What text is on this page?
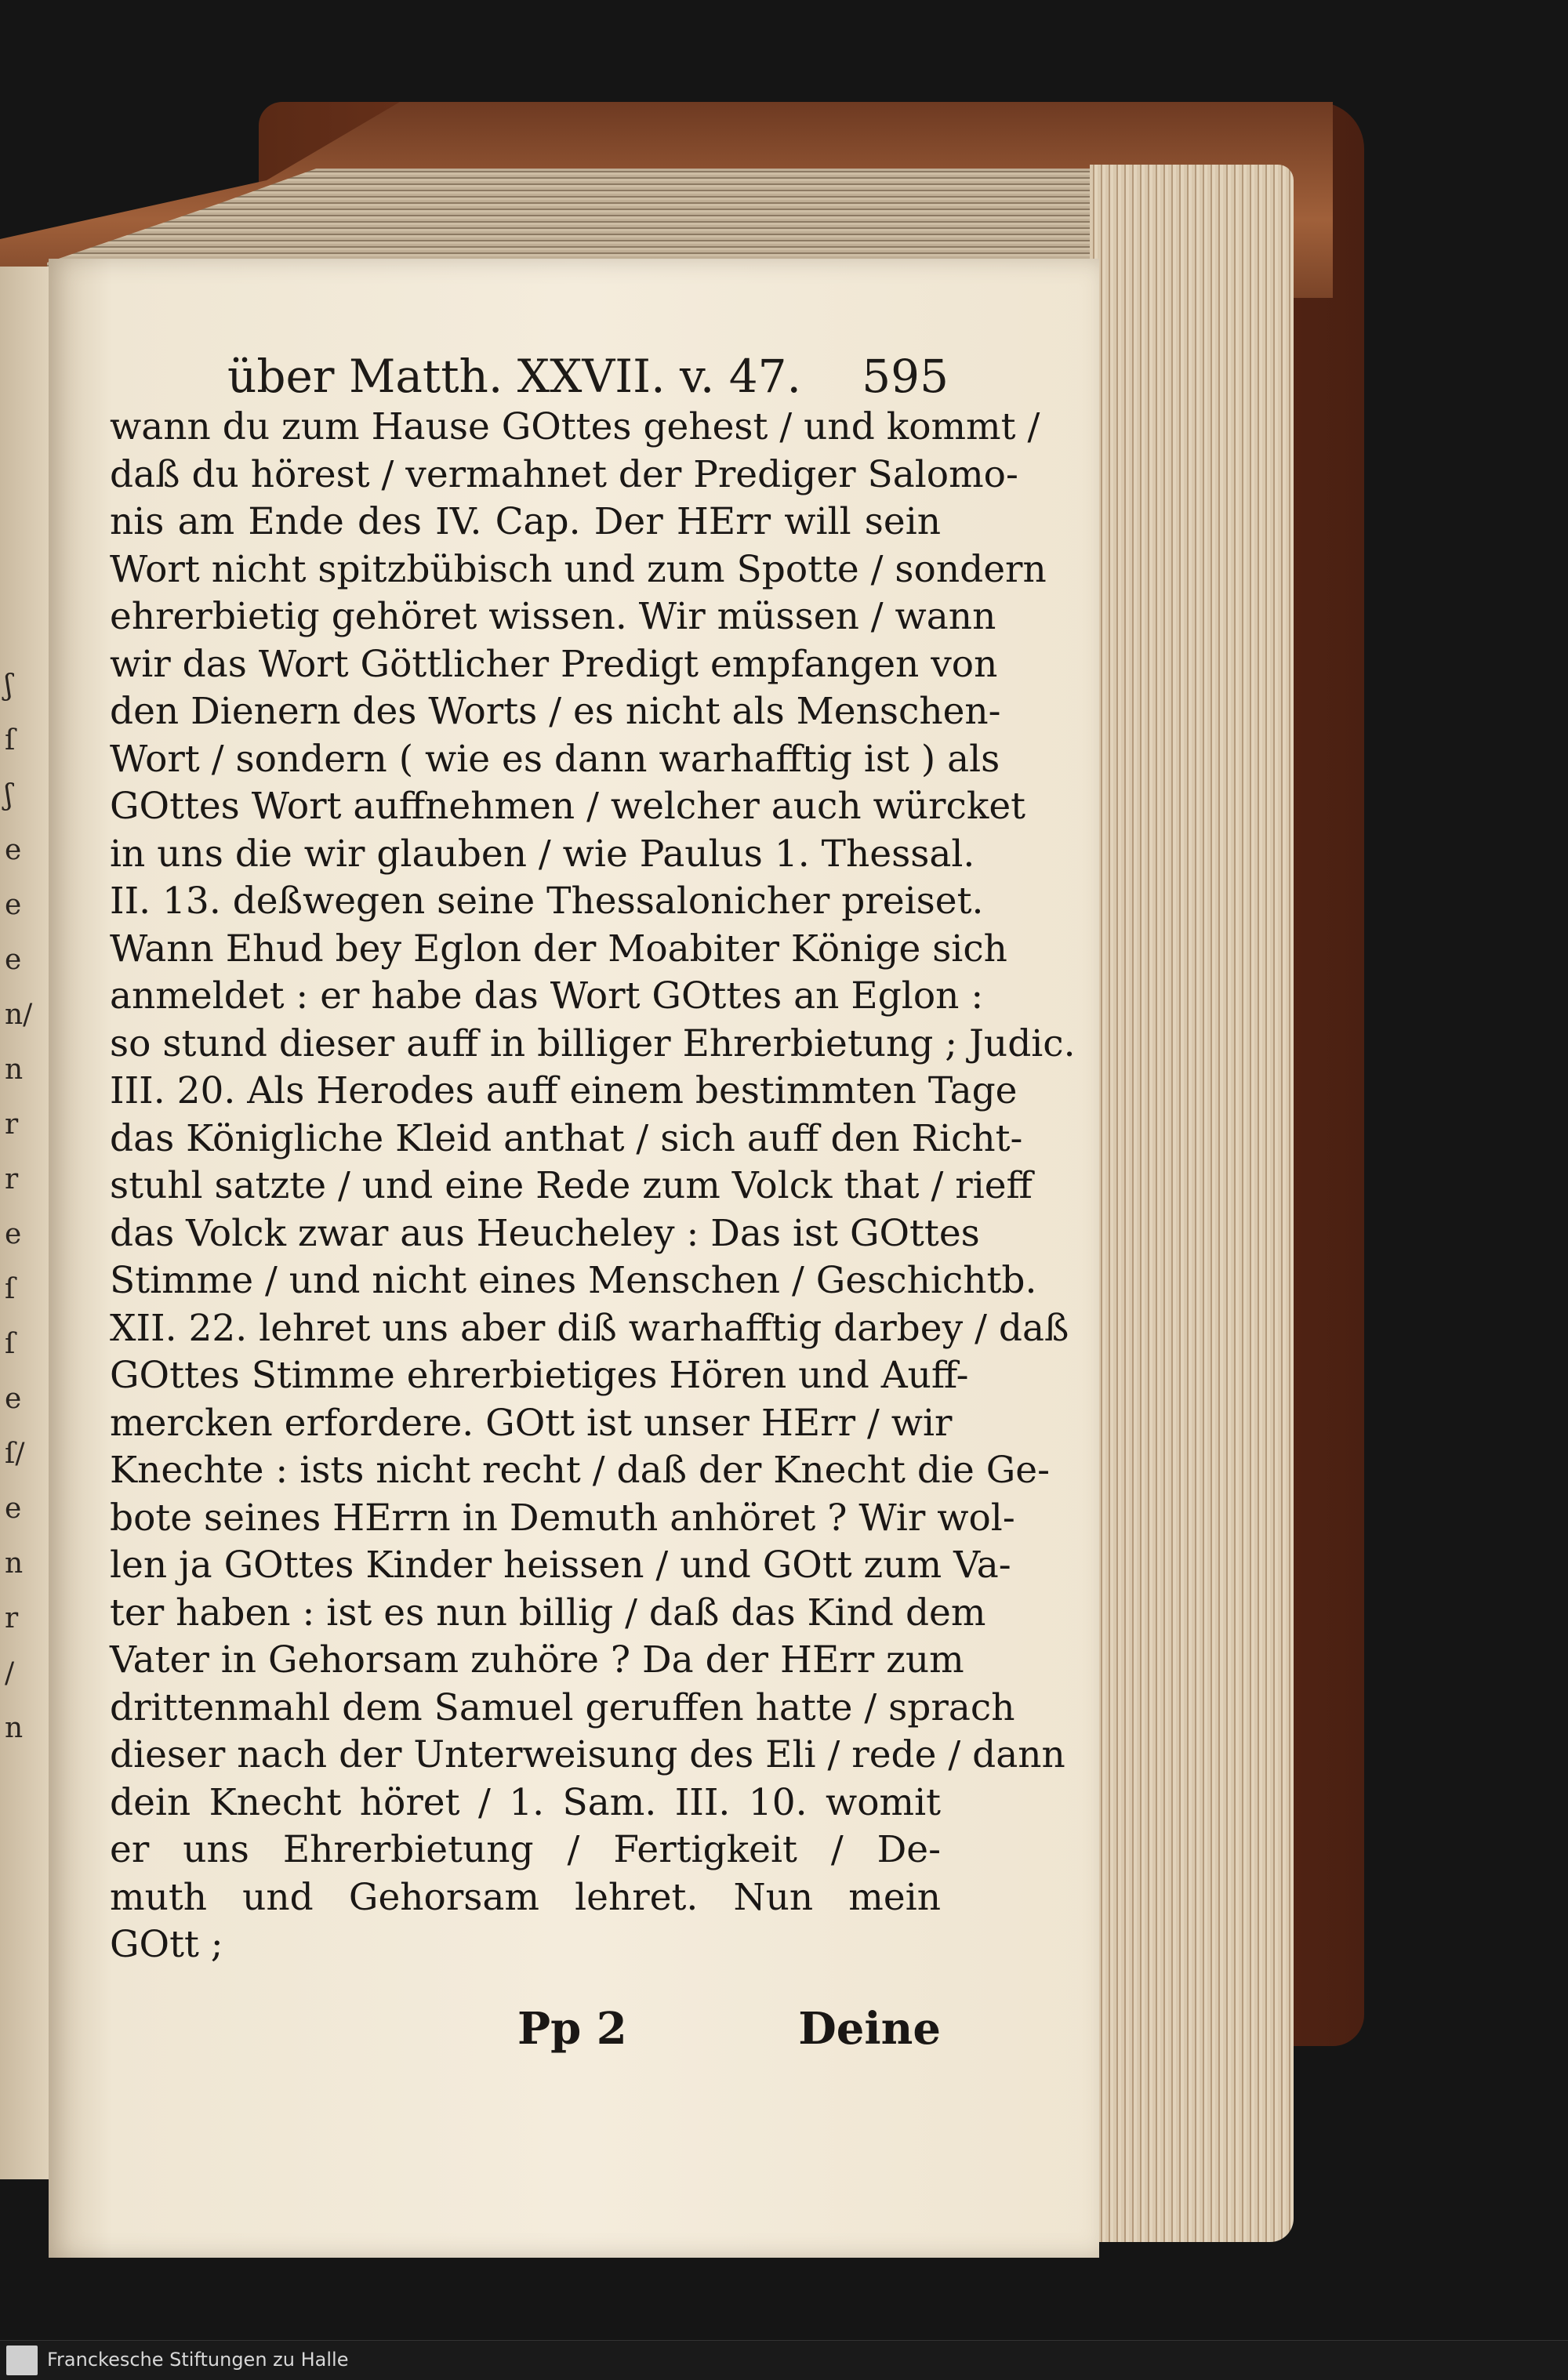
ʃ
ſ
ʃ
e
e
e
n/
n
r
r
e
ſ
ſ
e
ſ/
e
n
r
/
n
über Matth. XXVII. v. 47. 595
wann du zum Hause GOttes gehest / und kommt /
daß du hörest / vermahnet der Prediger Salomo-
nis am Ende des IV. Cap. Der HErr will sein
Wort nicht spitzbübisch und zum Spotte / sondern
ehrerbietig gehöret wissen. Wir müssen / wann
wir das Wort Göttlicher Predigt empfangen von
den Dienern des Worts / es nicht als Menschen-
Wort / sondern ( wie es dann warhafftig ist ) als
GOttes Wort auffnehmen / welcher auch würcket
in uns die wir glauben / wie Paulus 1. Thessal.
II. 13. deßwegen seine Thessalonicher preiset.
Wann Ehud bey Eglon der Moabiter Könige sich
anmeldet : er habe das Wort GOttes an Eglon :
so stund dieser auff in billiger Ehrerbietung ; Judic.
III. 20. Als Herodes auff einem bestimmten Tage
das Königliche Kleid anthat / sich auff den Richt-
stuhl satzte / und eine Rede zum Volck that / rieff
das Volck zwar aus Heucheley : Das ist GOttes
Stimme / und nicht eines Menschen / Geschichtb.
XII. 22. lehret uns aber diß warhafftig darbey / daß
GOttes Stimme ehrerbietiges Hören und Auff-
mercken erfordere. GOtt ist unser HErr / wir
Knechte : ists nicht recht / daß der Knecht die Ge-
bote seines HErrn in Demuth anhöret ? Wir wol-
len ja GOttes Kinder heissen / und GOtt zum Va-
ter haben : ist es nun billig / daß das Kind dem
Vater in Gehorsam zuhöre ? Da der HErr zum
drittenmahl dem Samuel geruffen hatte / sprach
dieser nach der Unterweisung des Eli / rede / dann
dein Knecht höret / 1. Sam. III. 10. womit
er uns Ehrerbietung / Fertigkeit / De-
muth und Gehorsam lehret. Nun mein
GOtt ;
Pp 2	Deine
Franckesche Stiftungen zu Halle
